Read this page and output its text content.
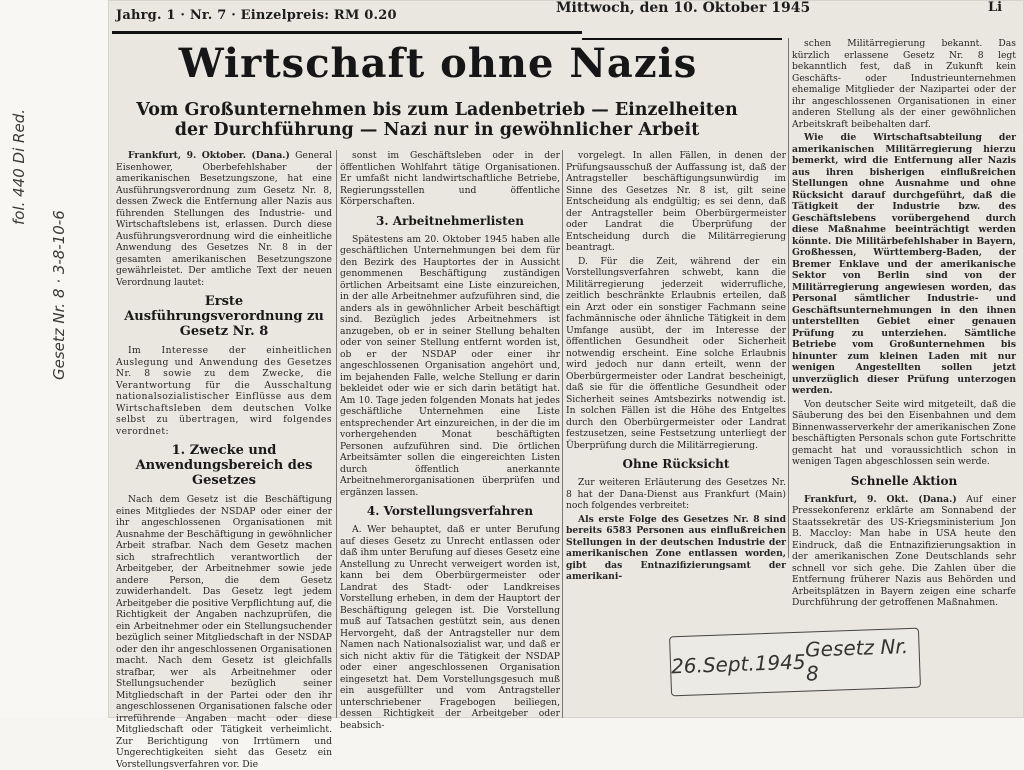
fol. 440 Di Red.
Gesetz Nr. 8 · 3-8-10-6
Jahrg. 1 · Nr. 7 · Einzelpreis: RM 0.20	Mittwoch, den 10. Oktober 1945	Li
Wirtschaft ohne Nazis
Vom Großunternehmen bis zum Ladenbetrieb — Einzelheiten
der Durchführung — Nazi nur in gewöhnlicher Arbeit

Frankfurt, 9. Oktober. (Dana.) General Eisenhower, Oberbefehlshaber der amerikanischen Besetzungszone, hat eine Ausführungsverordnung zum Gesetz Nr. 8, dessen Zweck die Entfernung aller Nazis aus führenden Stellungen des Industrie- und Wirtschaftslebens ist, erlassen. Durch diese Ausführungsverordnung wird die einheitliche Anwendung des Gesetzes Nr. 8 in der gesamten amerikanischen Besetzungszone gewährleistet. Der amtliche Text der neuen Verordnung lautet:

Erste Ausführungsverordnung zu Gesetz Nr. 8

Im Interesse der einheitlichen Auslegung und Anwendung des Gesetzes Nr. 8 sowie zu dem Zwecke, die Verantwortung für die Ausschaltung nationalsozialistischer Einflüsse aus dem Wirtschaftsleben dem deutschen Volke selbst zu übertragen, wird folgendes verordnet:

1. Zwecke und Anwendungsbereich des Gesetzes

Nach dem Gesetz ist die Beschäftigung eines Mitgliedes der NSDAP oder einer der ihr angeschlossenen Organisationen mit Ausnahme der Beschäftigung in gewöhnlicher Arbeit strafbar. Nach dem Gesetz machen sich strafrechtlich verantwortlich der Arbeitgeber, der Arbeitnehmer sowie jede andere Person, die dem Gesetz zuwiderhandelt. Das Gesetz legt jedem Arbeitgeber die positive Verpflichtung auf, die Richtigkeit der Angaben nachzuprüfen, die ein Arbeitnehmer oder ein Stellungsuchender bezüglich seiner Mitgliedschaft in der NSDAP oder den ihr angeschlossenen Organisationen macht. Nach dem Gesetz ist gleichfalls strafbar, wer als Arbeitnehmer oder Stellungsuchender bezüglich seiner Mitgliedschaft in der Partei oder den ihr angeschlossenen Organisationen falsche oder irreführende Angaben macht oder diese Mitgliedschaft oder Tätigkeit verheimlicht. Zur Berichtigung von Irrtümern und Ungerechtigkeiten sieht das Gesetz ein Vorstellungsverfahren vor. Die

sonst im Geschäftsleben oder in der öffentlichen Wohlfahrt tätige Organisationen. Er umfaßt nicht landwirtschaftliche Betriebe, Regierungsstellen und öffentliche Körperschaften.

3. Arbeitnehmerlisten

Spätestens am 20. Oktober 1945 haben alle geschäftlichen Unternehmungen bei dem für den Bezirk des Hauptortes der in Aussicht genommenen Beschäftigung zuständigen örtlichen Arbeitsamt eine Liste einzureichen, in der alle Arbeitnehmer aufzuführen sind, die anders als in gewöhnlicher Arbeit beschäftigt sind. Bezüglich jedes Arbeitnehmers ist anzugeben, ob er in seiner Stellung behalten oder von seiner Stellung entfernt worden ist, ob er der NSDAP oder einer ihr angeschlossenen Organisation angehört und, im bejahenden Falle, welche Stellung er darin bekleidet oder wie er sich darin betätigt hat. Am 10. Tage jeden folgenden Monats hat jedes geschäftliche Unternehmen eine Liste entsprechender Art einzureichen, in der die im vorhergehenden Monat beschäftigten Personen aufzuführen sind. Die örtlichen Arbeitsämter sollen die eingereichten Listen durch öffentlich anerkannte Arbeitnehmerorganisationen überprüfen und ergänzen lassen.

4. Vorstellungsverfahren

A. Wer behauptet, daß er unter Berufung auf dieses Gesetz zu Unrecht entlassen oder daß ihm unter Berufung auf dieses Gesetz eine Anstellung zu Unrecht verweigert worden ist, kann bei dem Oberbürgermeister oder Landrat des Stadt- oder Landkreises Vorstellung erheben, in dem der Hauptort der Beschäftigung gelegen ist. Die Vorstellung muß auf Tatsachen gestützt sein, aus denen Hervorgeht, daß der Antragsteller nur dem Namen nach Nationalsozialist war, und daß er sich nicht aktiv für die Tätigkeit der NSDAP oder einer angeschlossenen Organisation eingesetzt hat. Dem Vorstellungsgesuch muß ein ausgefüllter und vom Antragsteller unterschriebener Fragebogen beiliegen, dessen Richtigkeit der Arbeitgeber oder beabsich-

vorgelegt. In allen Fällen, in denen der Prüfungsausschuß der Auffassung ist, daß der Antragsteller beschäftigungsunwürdig im Sinne des Gesetzes Nr. 8 ist, gilt seine Entscheidung als endgültig; es sei denn, daß der Antragsteller beim Oberbürgermeister oder Landrat die Überprüfung der Entscheidung durch die Militärregierung beantragt.

D. Für die Zeit, während der ein Vorstellungsverfahren schwebt, kann die Militärregierung jederzeit widerrufliche, zeitlich beschränkte Erlaubnis erteilen, daß ein Arzt oder ein sonstiger Fachmann seine fachmännische oder ähnliche Tätigkeit in dem Umfange ausübt, der im Interesse der öffentlichen Gesundheit oder Sicherheit notwendig erscheint. Eine solche Erlaubnis wird jedoch nur dann erteilt, wenn der Oberbürgermeister oder Landrat bescheinigt, daß sie für die öffentliche Gesundheit oder Sicherheit seines Amtsbezirks notwendig ist. In solchen Fällen ist die Höhe des Entgeltes durch den Oberbürgermeister oder Landrat festzusetzen, seine Festsetzung unterliegt der Überprüfung durch die Militärregierung.

Ohne Rücksicht

Zur weiteren Erläuterung des Gesetzes Nr. 8 hat der Dana-Dienst aus Frankfurt (Main) noch folgendes verbreitet:

Als erste Folge des Gesetzes Nr. 8 sind bereits 6583 Personen aus einflußreichen Stellungen in der deutschen Industrie der amerikanischen Zone entlassen worden, gibt das Entnazifizierungsamt der amerikani-

schen Militärregierung bekannt. Das kürzlich erlassene Gesetz Nr. 8 legt bekanntlich fest, daß in Zukunft kein Geschäfts- oder Industrieunternehmen ehemalige Mitglieder der Naziparteі oder der ihr angeschlossenen Organisationen in einer anderen Stellung als der einer gewöhnlichen Arbeitskraft beibehalten darf.

Wie die Wirtschaftsabteilung der amerikanischen Militärregierung hierzu bemerkt, wird die Entfernung aller Nazis aus ihren bisherigen einflußreichen Stellungen ohne Ausnahme und ohne Rücksicht darauf durchgeführt, daß die Tätigkeit der Industrie bzw. des Geschäftslebens vorübergehend durch diese Maßnahme beeinträchtigt werden könnte. Die Militärbefehlshaber in Bayern, Großhessen, Württemberg-Baden, der Bremer Enklave und der amerikanische Sektor von Berlin sind von der Militärregierung angewiesen worden, das Personal sämtlicher Industrie- und Geschäftsunternehmungen in den ihnen unterstellten Gebiet einer genauen Prüfung zu unterziehen. Sämtliche Betriebe vom Großunternehmen bis hinunter zum kleinen Laden mit nur wenigen Angestellten sollen jetzt unverzüglich dieser Prüfung unterzogen werden.

Von deutscher Seite wird mitgeteilt, daß die Säuberung des bei den Eisenbahnen und dem Binnenwasserverkehr der amerikanischen Zone beschäftigten Personals schon gute Fortschritte gemacht hat und voraussichtlich schon in wenigen Tagen abgeschlossen sein werde.

Schnelle Aktion

Frankfurt, 9. Okt. (Dana.) Auf einer Pressekonferenz erklärte am Sonnabend der Staatssekretär des US-Kriegsministerium Jon B. Maccloy: Man habe in USA heute den Eindruck, daß die Entnazifizierungsaktion in der amerikanischen Zone Deutschlands sehr schnell vor sich gehe. Die Zahlen über die Entfernung früherer Nazis aus Behörden und Arbeitsplätzen in Bayern zeigen eine scharfe Durchführung der getroffenen Maßnahmen.

26.Sept.1945
Gesetz Nr. 8
